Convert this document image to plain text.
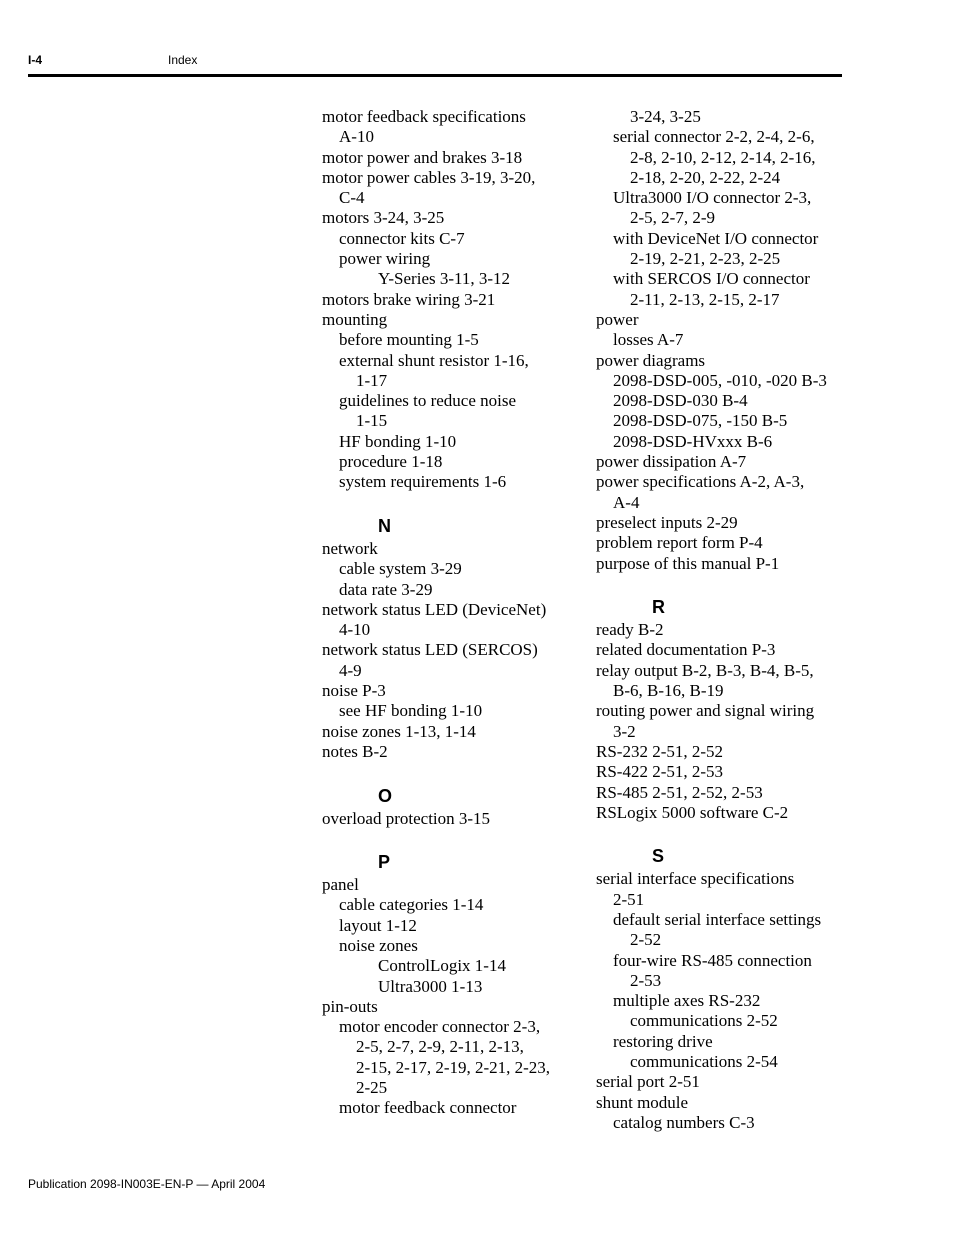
I-4	Index
motor feedback specifications
A-10
motor power and brakes 3-18
motor power cables 3-19, 3-20,
C-4
motors 3-24, 3-25
connector kits C-7
power wiring
Y-Series 3-11, 3-12
motors brake wiring 3-21
mounting
before mounting 1-5
external shunt resistor 1-16,
1-17
guidelines to reduce noise
1-15
HF bonding 1-10
procedure 1-18
system requirements 1-6
N
network
cable system 3-29
data rate 3-29
network status LED (DeviceNet)
4-10
network status LED (SERCOS)
4-9
noise P-3
see HF bonding 1-10
noise zones 1-13, 1-14
notes B-2
O
overload protection 3-15
P
panel
cable categories 1-14
layout 1-12
noise zones
ControlLogix 1-14
Ultra3000 1-13
pin-outs
motor encoder connector 2-3,
2-5, 2-7, 2-9, 2-11, 2-13,
2-15, 2-17, 2-19, 2-21, 2-23,
2-25
motor feedback connector
3-24, 3-25
serial connector 2-2, 2-4, 2-6,
2-8, 2-10, 2-12, 2-14, 2-16,
2-18, 2-20, 2-22, 2-24
Ultra3000 I/O connector 2-3,
2-5, 2-7, 2-9
with DeviceNet I/O connector
2-19, 2-21, 2-23, 2-25
with SERCOS I/O connector
2-11, 2-13, 2-15, 2-17
power
losses A-7
power diagrams
2098-DSD-005, -010, -020 B-3
2098-DSD-030 B-4
2098-DSD-075, -150 B-5
2098-DSD-HVxxx B-6
power dissipation A-7
power specifications A-2, A-3,
A-4
preselect inputs 2-29
problem report form P-4
purpose of this manual P-1
R
ready B-2
related documentation P-3
relay output B-2, B-3, B-4, B-5,
B-6, B-16, B-19
routing power and signal wiring
3-2
RS-232 2-51, 2-52
RS-422 2-51, 2-53
RS-485 2-51, 2-52, 2-53
RSLogix 5000 software C-2
S
serial interface specifications
2-51
default serial interface settings
2-52
four-wire RS-485 connection
2-53
multiple axes RS-232
communications 2-52
restoring drive
communications 2-54
serial port 2-51
shunt module
catalog numbers C-3
Publication 2098-IN003E-EN-P — April 2004
